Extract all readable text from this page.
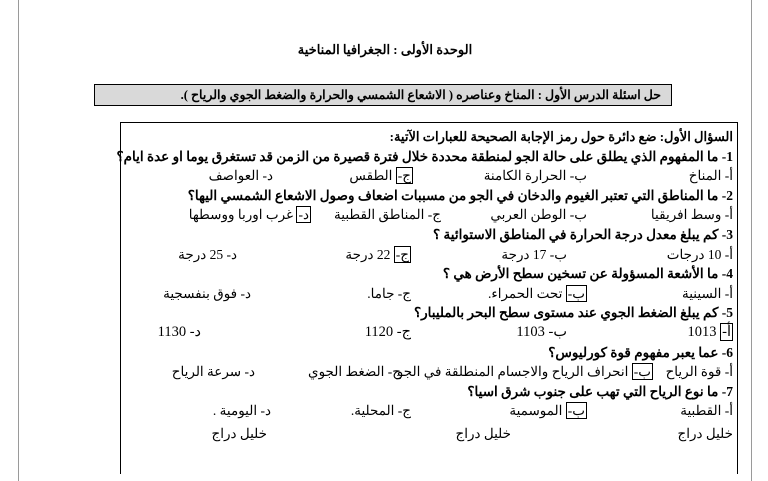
الوحدة الأولى : الجغرافيا المناخية
حل اسئلة الدرس الأول : المناخ وعناصره ( الاشعاع الشمسي والحرارة والضغط الجوي والرياح ).
السؤال الأول: ضع دائرة حول رمز الإجابة الصحيحة للعبارات الآتية:
1- ما المفهوم الذي يطلق على حالة الجو لمنطقة محددة خلال فترة قصيرة من الزمن قد تستغرق يوما او عدة ايام؟
أ- المناخ
ب- الحرارة الكامنة
ج- الطقس
د- العواصف
2- ما المناطق التي تعتبر الغيوم والدخان في الجو من مسببات اضعاف وصول الاشعاع الشمسي اليها؟
أ- وسط افريقيا
ب- الوطن العربي
ج- المناطق القطبية
د- غرب اوربا ووسطها
3- كم يبلغ معدل درجة الحرارة في المناطق الاستوائية ؟
أ- 10 درجات
ب- 17 درجة
ج- 22 درجة
د- 25 درجة
4- ما الأشعة المسؤولة عن تسخين سطح الأرض هي ؟
أ- السينية
ب- تحت الحمراء.
ج- جاما.
د- فوق بنفسجية
5- كم يبلغ الضغط الجوي عند مستوى سطح البحر بالمليبار؟
أ- 1013
ب- 1103
ج- 1120
د- 1130
6- عما يعبر مفهوم قوة كورليوس؟
أ- قوة الرياح
ب- انحراف الرياح والاجسام المنطلقة في الجو
ج- الضغط الجوي
د- سرعة الرياح
7- ما نوع الرياح التي تهب على جنوب شرق اسيا؟
أ- القطبية
ب- الموسمية
ج- المحلية.
د- اليومية .
خليل دراج
خليل دراج
خليل دراج
